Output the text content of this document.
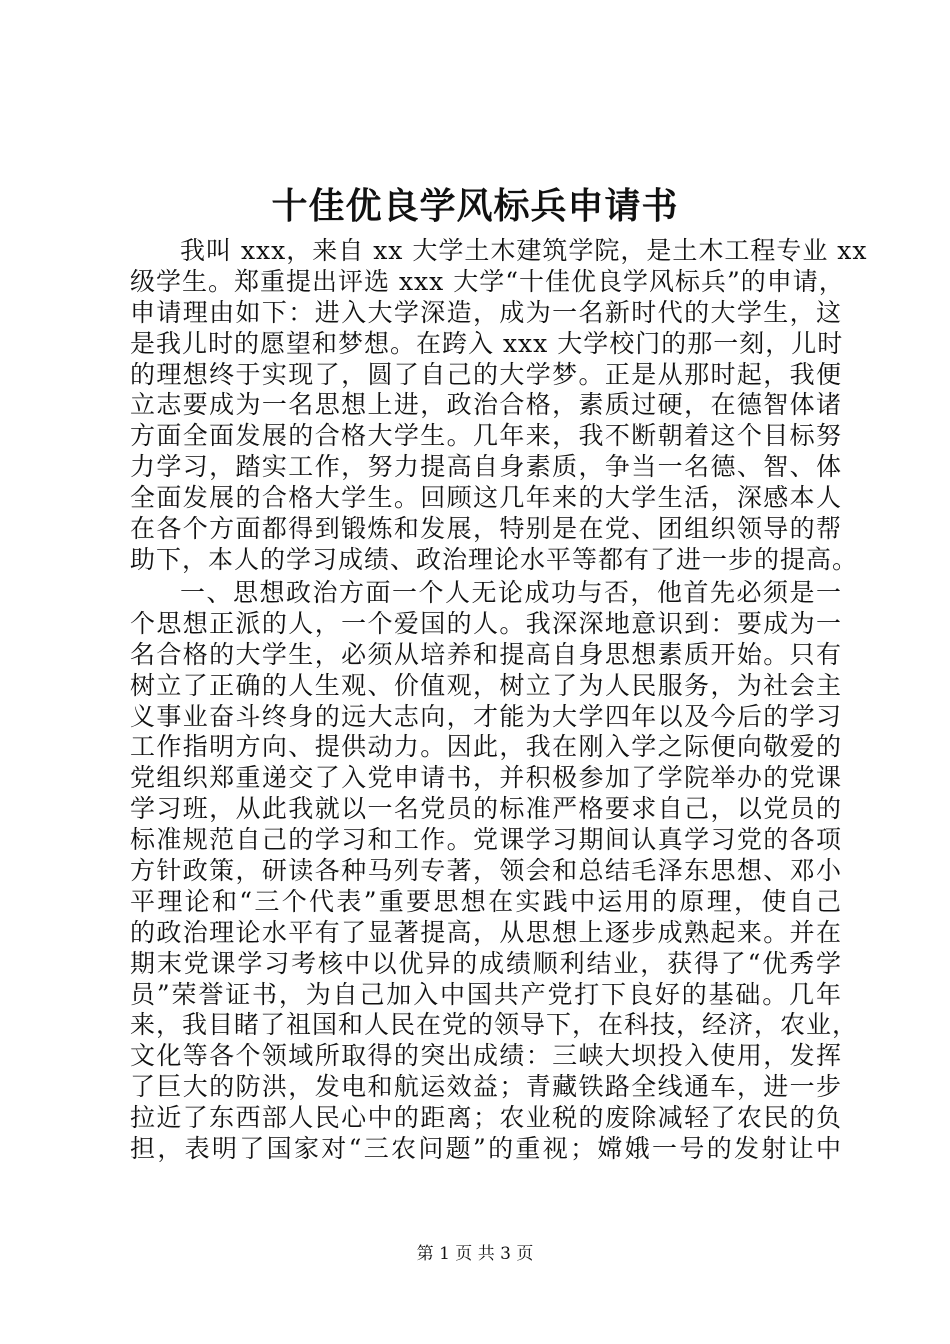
十佳优良学风标兵申请书
我叫 xxx，来自 xx 大学土木建筑学院，是土木工程专业 xx
级学生。郑重提出评选 xxx 大学“十佳优良学风标兵”的申请，
申请理由如下：进入大学深造，成为一名新时代的大学生，这
是我儿时的愿望和梦想。在跨入 xxx 大学校门的那一刻，儿时
的理想终于实现了，圆了自己的大学梦。正是从那时起，我便
立志要成为一名思想上进，政治合格，素质过硬，在德智体诸
方面全面发展的合格大学生。几年来，我不断朝着这个目标努
力学习，踏实工作，努力提高自身素质，争当一名德、智、体
全面发展的合格大学生。回顾这几年来的大学生活，深感本人
在各个方面都得到锻炼和发展，特别是在党、团组织领导的帮
助下，本人的学习成绩、政治理论水平等都有了进一步的提高。
一、思想政治方面一个人无论成功与否，他首先必须是一
个思想正派的人，一个爱国的人。我深深地意识到：要成为一
名合格的大学生，必须从培养和提高自身思想素质开始。只有
树立了正确的人生观、价值观，树立了为人民服务，为社会主
义事业奋斗终身的远大志向，才能为大学四年以及今后的学习
工作指明方向、提供动力。因此，我在刚入学之际便向敬爱的
党组织郑重递交了入党申请书，并积极参加了学院举办的党课
学习班，从此我就以一名党员的标准严格要求自己，以党员的
标准规范自己的学习和工作。党课学习期间认真学习党的各项
方针政策，研读各种马列专著，领会和总结毛泽东思想、邓小
平理论和“三个代表”重要思想在实践中运用的原理，使自己
的政治理论水平有了显著提高，从思想上逐步成熟起来。并在
期末党课学习考核中以优异的成绩顺利结业，获得了“优秀学
员”荣誉证书，为自己加入中国共产党打下良好的基础。几年
来，我目睹了祖国和人民在党的领导下，在科技，经济，农业，
文化等各个领域所取得的突出成绩：三峡大坝投入使用，发挥
了巨大的防洪，发电和航运效益；青藏铁路全线通车，进一步
拉近了东西部人民心中的距离；农业税的废除减轻了农民的负
担，表明了国家对“三农问题”的重视；嫦娥一号的发射让中
第 1 页 共 3 页
